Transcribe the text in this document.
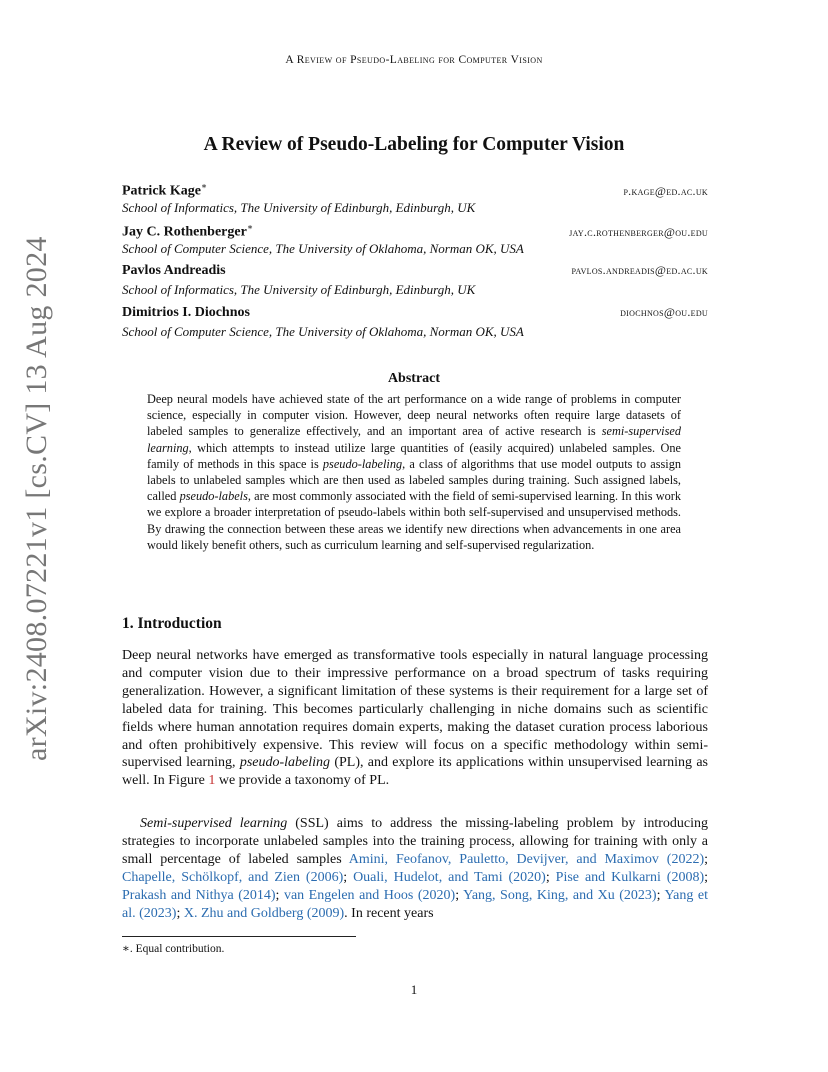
A Review of Pseudo-Labeling for Computer Vision
arXiv:2408.07221v1 [cs.CV] 13 Aug 2024
A Review of Pseudo-Labeling for Computer Vision
Patrick Kage∗	p.kage@ed.ac.uk
School of Informatics, The University of Edinburgh, Edinburgh, UK
Jay C. Rothenberger∗	jay.c.rothenberger@ou.edu
School of Computer Science, The University of Oklahoma, Norman OK, USA
Pavlos Andreadis	pavlos.andreadis@ed.ac.uk
School of Informatics, The University of Edinburgh, Edinburgh, UK
Dimitrios I. Diochnos	diochnos@ou.edu
School of Computer Science, The University of Oklahoma, Norman OK, USA
Abstract
Deep neural models have achieved state of the art performance on a wide range of problems in computer science, especially in computer vision. However, deep neural networks often require large datasets of labeled samples to generalize effectively, and an important area of active research is semi-supervised learning, which attempts to instead utilize large quantities of (easily acquired) unlabeled samples. One family of methods in this space is pseudo-labeling, a class of algorithms that use model outputs to assign labels to unlabeled samples which are then used as labeled samples during training. Such assigned labels, called pseudo-labels, are most commonly associated with the field of semi-supervised learning. In this work we explore a broader interpretation of pseudo-labels within both self-supervised and unsupervised methods. By drawing the connection between these areas we identify new directions when advancements in one area would likely benefit others, such as curriculum learning and self-supervised regularization.
1. Introduction
Deep neural networks have emerged as transformative tools especially in natural language processing and computer vision due to their impressive performance on a broad spectrum of tasks requiring generalization. However, a significant limitation of these systems is their requirement for a large set of labeled data for training. This becomes particularly challenging in niche domains such as scientific fields where human annotation requires domain experts, making the dataset curation process laborious and often prohibitively expensive. This review will focus on a specific methodology within semi-supervised learning, pseudo-labeling (PL), and explore its applications within unsupervised learning as well. In Figure 1 we provide a taxonomy of PL.
Semi-supervised learning (SSL) aims to address the missing-labeling problem by introducing strategies to incorporate unlabeled samples into the training process, allowing for training with only a small percentage of labeled samples Amini, Feofanov, Pauletto, Devijver, and Maximov (2022); Chapelle, Schölkopf, and Zien (2006); Ouali, Hudelot, and Tami (2020); Pise and Kulkarni (2008); Prakash and Nithya (2014); van Engelen and Hoos (2020); Yang, Song, King, and Xu (2023); Yang et al. (2023); X. Zhu and Goldberg (2009). In recent years
∗. Equal contribution.
1
